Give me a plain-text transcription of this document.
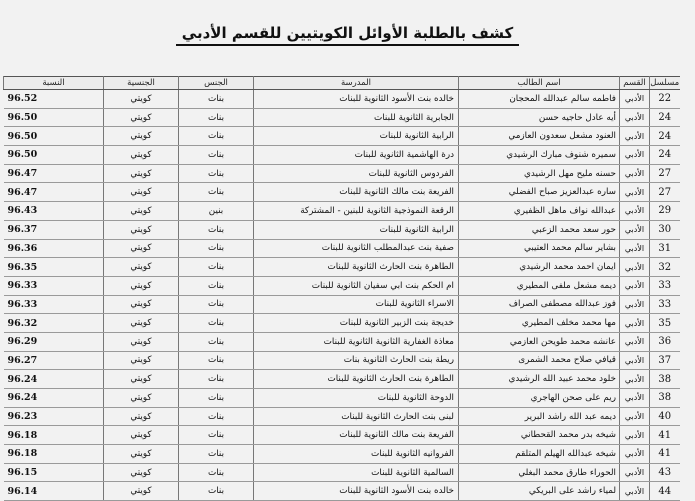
كشف بالطلبة الأوائل الكويتيين للقسم الأدبي
مسلسل	القسم	اسم الطالب	المدرسة	الجنس	الجنسية	النسبة
22	الأدبي	فاطمه سالم عبدالله المحجان	خالده بنت الأسود الثانوية للبنات	بنات	كويتي	96.52
24	الأدبي	أيه عادل حاجيه حسن	الجابرية الثانوية للبنات	بنات	كويتي	96.50
24	الأدبي	العنود مشعل سعدون العازمي	الرابية الثانوية للبنات	بنات	كويتي	96.50
24	الأدبي	سميره شنوف مبارك الرشيدي	درة الهاشمية الثانوية للبنات	بنات	كويتي	96.50
27	الأدبي	حسنه مليح مهل الرشيدي	الفردوس الثانوية للبنات	بنات	كويتي	96.47
27	الأدبي	ساره عبدالعزيز صباح الفضلي	الفريعة بنت مالك الثانوية للبنات	بنات	كويتي	96.47
29	الأدبي	عبدالله نواف ماهل الظفيري	الرقعة النموذجية الثانوية للبنين - المشتركة	بنين	كويتي	96.43
30	الأدبي	حور سعد محمد الزعبي	الرابية الثانوية للبنات	بنات	كويتي	96.37
31	الأدبي	بشاير سالم محمد العتيبي	صفية بنت عبدالمطلب الثانوية للبنات	بنات	كويتي	96.36
32	الأدبي	ايمان احمد محمد الرشيدي	الطاهرة بنت الحارث الثانوية للبنات	بنات	كويتي	96.35
33	الأدبي	ديمه مشعل ملفى المطيري	ام الحكم بنت ابي سفيان الثانوية للبنات	بنات	كويتي	96.33
33	الأدبي	فوز عبدالله مصطفى الصراف	الاسراء الثانوية للبنات	بنات	كويتي	96.33
35	الأدبي	مها محمد مخلف المطيري	خديجة بنت الزبير الثانوية للبنات	بنات	كويتي	96.32
36	الأدبي	عانشه محمد طويحن العازمي	معاذة الغفارية الثانوية الثانوية للبنات	بنات	كويتي	96.29
37	الأدبي	قيافي صلاح محمد الشمرى	ريطة بنت الحارث الثانوية بنات	بنات	كويتي	96.27
38	الأدبي	خلود محمد عبيد الله الرشيدي	الطاهرة بنت الحارث الثانوية للبنات	بنات	كويتي	96.24
38	الأدبي	ريم على صحن الهاجري	الدوحة الثانوية للبنات	بنات	كويتي	96.24
40	الأدبي	ديمه عبد الله راشد البرير	لبنى بنت الحارث الثانوية للبنات	بنات	كويتي	96.23
41	الأدبي	شيخه بدر محمد القحطاني	الفريعة بنت مالك الثانوية للبنات	بنات	كويتي	96.18
41	الأدبي	شيخه عبدالله الهيلم المتلقم	الفروانيه الثانوية للبنات	بنات	كويتي	96.18
43	الأدبي	الحوراء طارق محمد البغلي	السالمية الثانوية للبنات	بنات	كويتي	96.15
44	الأدبي	لمياء راشد على البريكي	خالده بنت الأسود الثانوية للبنات	بنات	كويتي	96.14
